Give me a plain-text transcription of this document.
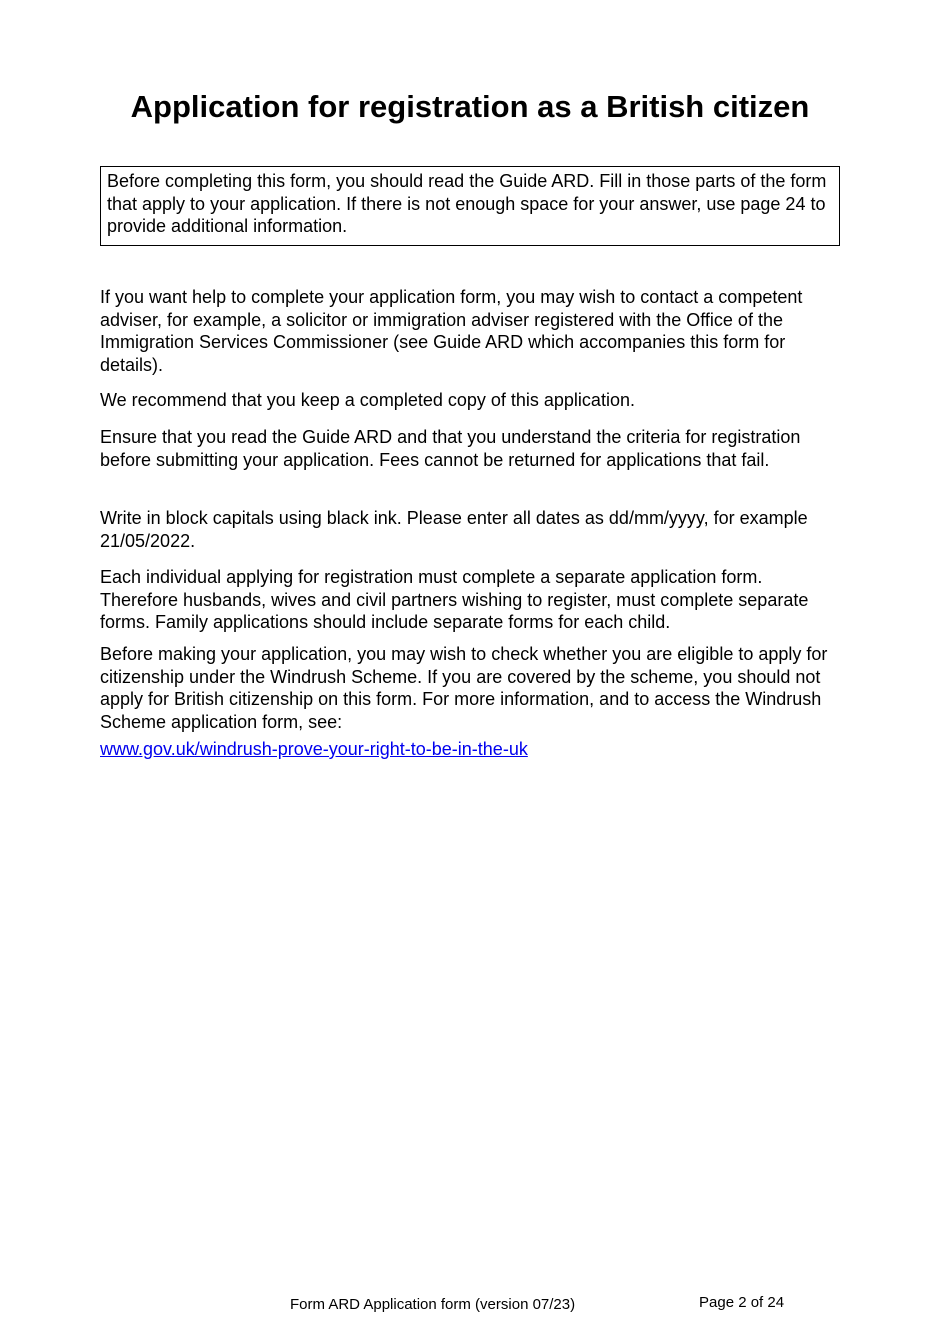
Application for registration as a British citizen
Before completing this form, you should read the Guide ARD. Fill in those parts of the form that apply to your application. If there is not enough space for your answer, use page 24 to provide additional information.

If you want help to complete your application form, you may wish to contact a competent adviser, for example, a solicitor or immigration adviser registered with the Office of the Immigration Services Commissioner (see Guide ARD which accompanies this form for details).

We recommend that you keep a completed copy of this application.

Ensure that you read the Guide ARD and that you understand the criteria for registration before submitting your application. Fees cannot be returned for applications that fail.

Write in block capitals using black ink. Please enter all dates as dd/mm/yyyy, for example 21/05/2022.

Each individual applying for registration must complete a separate application form. Therefore husbands, wives and civil partners wishing to register, must complete separate forms. Family applications should include separate forms for each child.

Before making your application, you may wish to check whether you are eligible to apply for citizenship under the Windrush Scheme. If you are covered by the scheme, you should not apply for British citizenship on this form. For more information, and to access the Windrush Scheme application form, see:

www.gov.uk/windrush-prove-your-right-to-be-in-the-uk
Form ARD Application form (version 07/23)	Page 2 of 24
